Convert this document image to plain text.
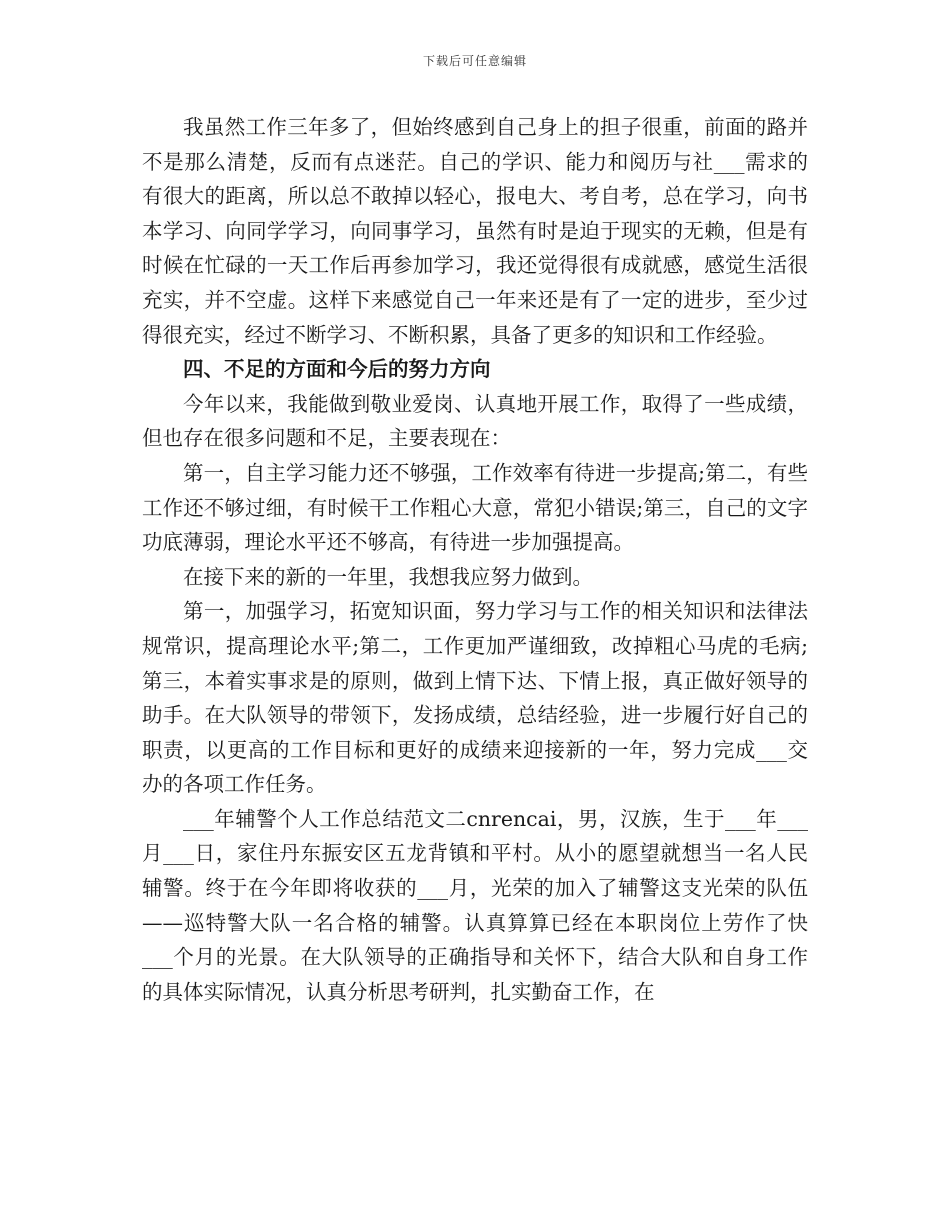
下载后可任意编辑

我虽然工作三年多了，但始终感到自己身上的担子很重，前面的路并不是那么清楚，反而有点迷茫。自己的学识、能力和阅历与社___需求的有很大的距离，所以总不敢掉以轻心，报电大、考自考，总在学习，向书本学习、向同学学习，向同事学习，虽然有时是迫于现实的无赖，但是有时候在忙碌的一天工作后再参加学习，我还觉得很有成就感，感觉生活很充实，并不空虚。这样下来感觉自己一年来还是有了一定的进步，至少过得很充实，经过不断学习、不断积累，具备了更多的知识和工作经验。

四、不足的方面和今后的努力方向

今年以来，我能做到敬业爱岗、认真地开展工作，取得了一些成绩，但也存在很多问题和不足，主要表现在：

第一，自主学习能力还不够强，工作效率有待进一步提高;第二，有些工作还不够过细，有时候干工作粗心大意，常犯小错误;第三，自己的文字功底薄弱，理论水平还不够高，有待进一步加强提高。

在接下来的新的一年里，我想我应努力做到。

第一，加强学习，拓宽知识面，努力学习与工作的相关知识和法律法规常识，提高理论水平;第二，工作更加严谨细致，改掉粗心马虎的毛病;第三，本着实事求是的原则，做到上情下达、下情上报，真正做好领导的助手。在大队领导的带领下，发扬成绩，总结经验，进一步履行好自己的职责，以更高的工作目标和更好的成绩来迎接新的一年，努力完成___交办的各项工作任务。

___年辅警个人工作总结范文二cnrencai，男，汉族，生于___年___月___日，家住丹东振安区五龙背镇和平村。从小的愿望就想当一名人民辅警。终于在今年即将收获的___月，光荣的加入了辅警这支光荣的队伍——巡特警大队一名合格的辅警。认真算算已经在本职岗位上劳作了快___个月的光景。在大队领导的正确指导和关怀下，结合大队和自身工作的具体实际情况，认真分析思考研判，扎实勤奋工作，在
